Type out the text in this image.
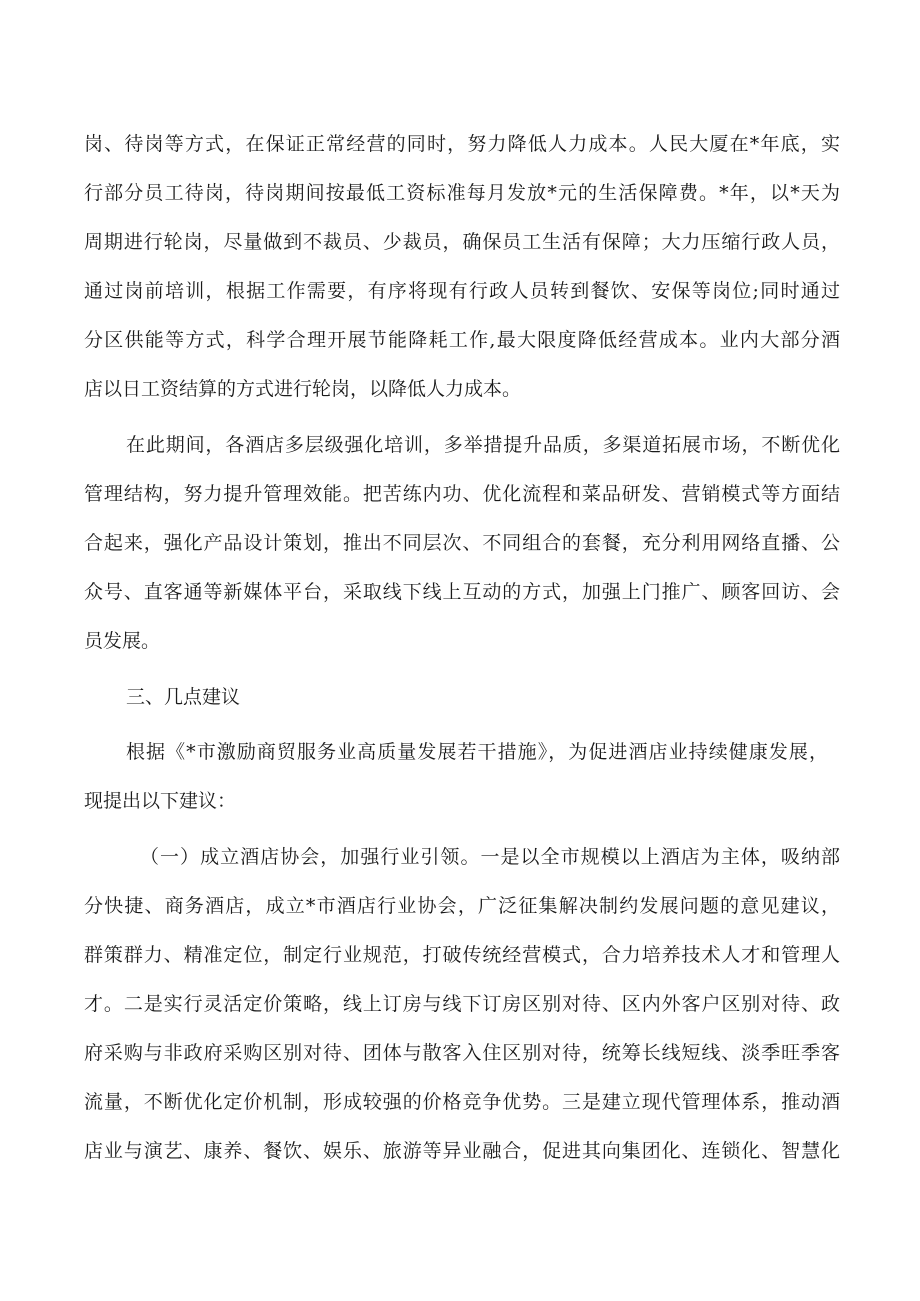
岗、待岗等方式，在保证正常经营的同时，努力降低人力成本。人民大厦在*年底，实
行部分员工待岗，待岗期间按最低工资标准每月发放*元的生活保障费。*年，以*天为
周期进行轮岗，尽量做到不裁员、少裁员，确保员工生活有保障；大力压缩行政人员，
通过岗前培训，根据工作需要，有序将现有行政人员转到餐饮、安保等岗位;同时通过
分区供能等方式，科学合理开展节能降耗工作,最大限度降低经营成本。业内大部分酒
店以日工资结算的方式进行轮岗，以降低人力成本。
在此期间，各酒店多层级强化培训，多举措提升品质，多渠道拓展市场，不断优化
管理结构，努力提升管理效能。把苦练内功、优化流程和菜品研发、营销模式等方面结
合起来，强化产品设计策划，推出不同层次、不同组合的套餐，充分利用网络直播、公
众号、直客通等新媒体平台，采取线下线上互动的方式，加强上门推广、顾客回访、会
员发展。
三、几点建议
根据《*市激励商贸服务业高质量发展若干措施》，为促进酒店业持续健康发展，
现提出以下建议：
（一）成立酒店协会，加强行业引领。一是以全市规模以上酒店为主体，吸纳部
分快捷、商务酒店，成立*市酒店行业协会，广泛征集解决制约发展问题的意见建议，
群策群力、精准定位，制定行业规范，打破传统经营模式，合力培养技术人才和管理人
才。二是实行灵活定价策略，线上订房与线下订房区别对待、区内外客户区别对待、政
府采购与非政府采购区别对待、团体与散客入住区别对待，统筹长线短线、淡季旺季客
流量，不断优化定价机制，形成较强的价格竞争优势。三是建立现代管理体系，推动酒
店业与演艺、康养、餐饮、娱乐、旅游等异业融合，促进其向集团化、连锁化、智慧化
